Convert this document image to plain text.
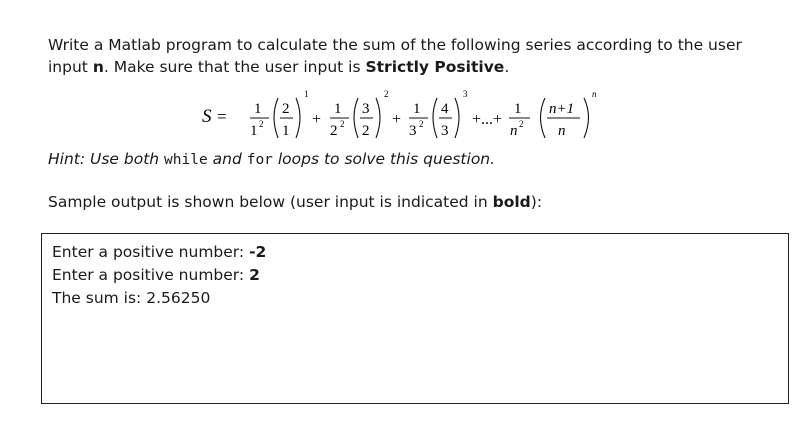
Write a Matlab program to calculate the sum of the following series according to the user
input n. Make sure that the user input is Strictly Positive.
S = 1
1 2
2
1
1
+
1
2 2
3
2
2
+
1
3 2
4
3
3
+...+
1
n 2
n+1
n
n
Hint: Use both while and for loops to solve this question.
Sample output is shown below (user input is indicated in bold):
Enter a positive number: -2
Enter a positive number: 2
The sum is: 2.56250
